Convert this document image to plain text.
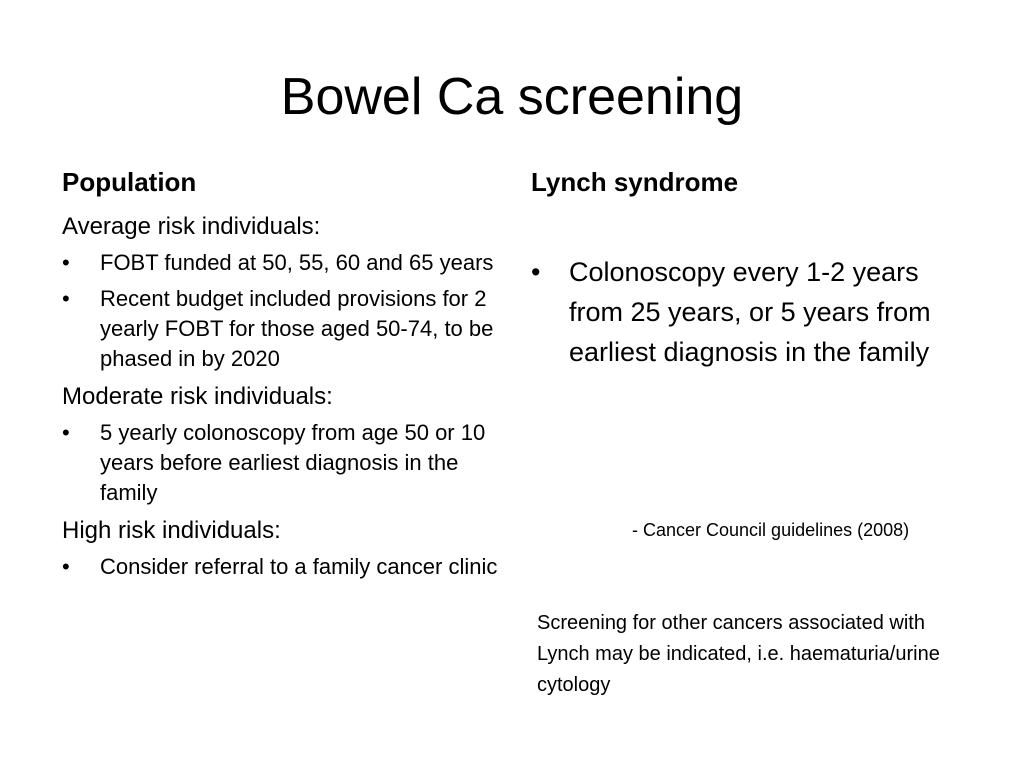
Bowel Ca screening
Population	Lynch syndrome
Average risk individuals:
•	FOBT funded at 50, 55, 60 and 65 years
•	Recent budget included provisions for 2 yearly FOBT for those aged 50-74, to be phased in by 2020
Moderate risk individuals:
•	5 yearly colonoscopy from age 50 or 10 years before earliest diagnosis in the family
High risk individuals:
•	Consider referral to a family cancer clinic
•	Colonoscopy every 1-2 years from 25 years, or 5 years from earliest diagnosis in the family
- Cancer Council guidelines (2008)
Screening for other cancers associated with Lynch may be indicated, i.e. haematuria/urine cytology
